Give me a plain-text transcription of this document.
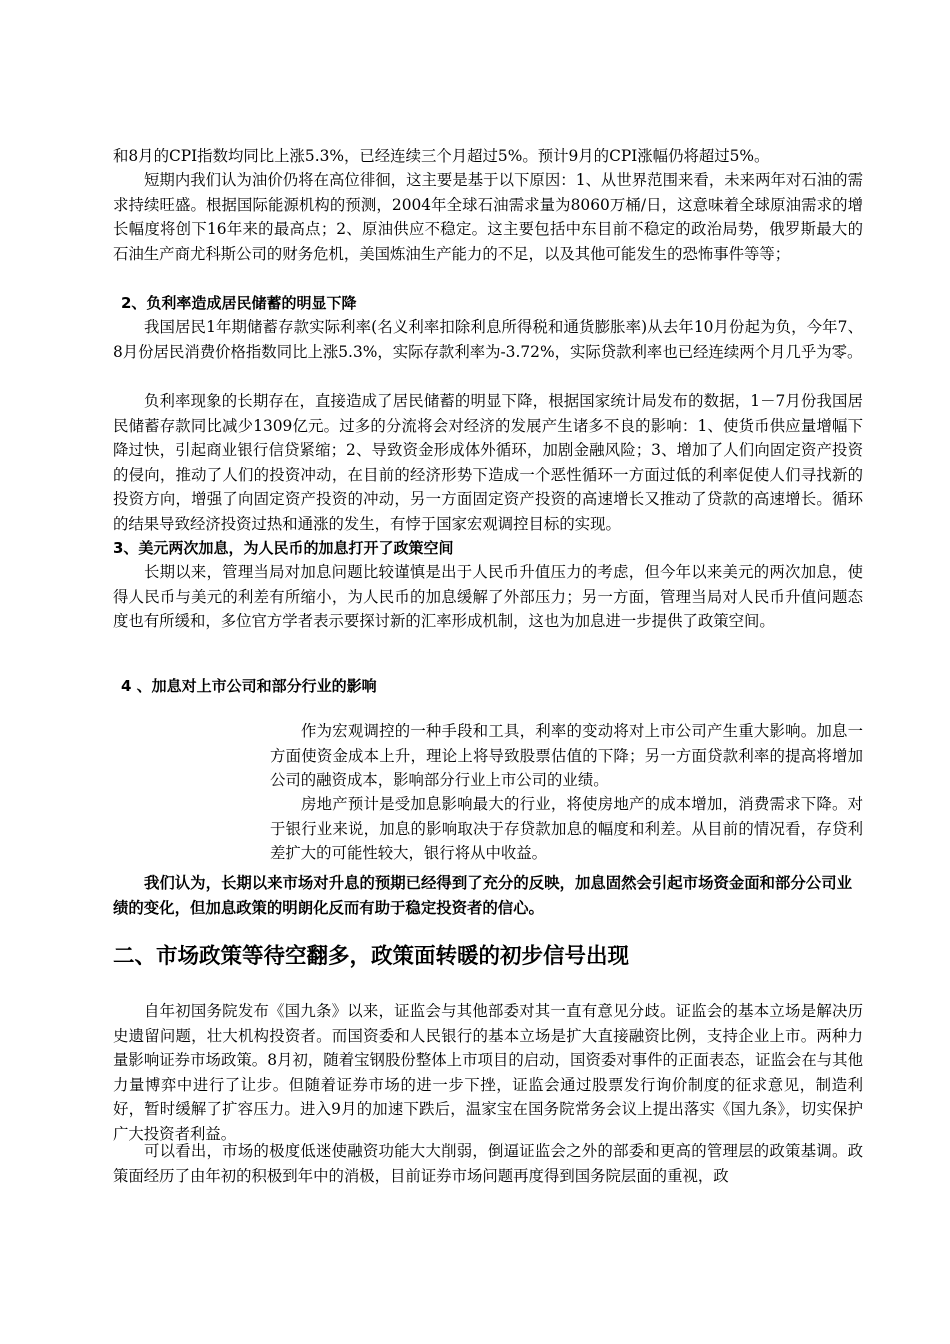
和8月的CPI指数均同比上涨5.3%，已经连续三个月超过5%。预计9月的CPI涨幅仍将超过5%。

短期内我们认为油价仍将在高位徘徊，这主要是基于以下原因：1、从世界范围来看，未来两年对石油的需求持续旺盛。根据国际能源机构的预测，2004年全球石油需求量为8060万桶/日，这意味着全球原油需求的增长幅度将创下16年来的最高点；2、原油供应不稳定。这主要包括中东目前不稳定的政治局势，俄罗斯最大的石油生产商尤科斯公司的财务危机，美国炼油生产能力的不足，以及其他可能发生的恐怖事件等等；

2、负利率造成居民储蓄的明显下降

我国居民1年期储蓄存款实际利率(名义利率扣除利息所得税和通货膨胀率)从去年10月份起为负，今年7、8月份居民消费价格指数同比上涨5.3%，实际存款利率为-3.72%，实际贷款利率也已经连续两个月几乎为零。

负利率现象的长期存在，直接造成了居民储蓄的明显下降，根据国家统计局发布的数据，1－7月份我国居民储蓄存款同比减少1309亿元。过多的分流将会对经济的发展产生诸多不良的影响：1、使货币供应量增幅下降过快，引起商业银行信贷紧缩；2、导致资金形成体外循环，加剧金融风险；3、增加了人们向固定资产投资的侵向，推动了人们的投资冲动，在目前的经济形势下造成一个恶性循环一方面过低的利率促使人们寻找新的投资方向，增强了向固定资产投资的冲动，另一方面固定资产投资的高速增长又推动了贷款的高速增长。循环的结果导致经济投资过热和通涨的发生，有悖于国家宏观调控目标的实现。

3、美元两次加息，为人民币的加息打开了政策空间

长期以来，管理当局对加息问题比较谨慎是出于人民币升值压力的考虑，但今年以来美元的两次加息，使得人民币与美元的利差有所缩小，为人民币的加息缓解了外部压力；另一方面，管理当局对人民币升值问题态度也有所缓和，多位官方学者表示要探讨新的汇率形成机制，这也为加息进一步提供了政策空间。

4 、加息对上市公司和部分行业的影响

作为宏观调控的一种手段和工具，利率的变动将对上市公司产生重大影响。加息一方面使资金成本上升，理论上将导致股票估值的下降；另一方面贷款利率的提高将增加公司的融资成本，影响部分行业上市公司的业绩。

房地产预计是受加息影响最大的行业，将使房地产的成本增加，消费需求下降。对于银行业来说，加息的影响取决于存贷款加息的幅度和利差。从目前的情况看，存贷利差扩大的可能性较大，银行将从中收益。

我们认为，长期以来市场对升息的预期已经得到了充分的反映，加息固然会引起市场资金面和部分公司业绩的变化，但加息政策的明朗化反而有助于稳定投资者的信心。

二、市场政策等待空翻多，政策面转暖的初步信号出现

自年初国务院发布《国九条》以来，证监会与其他部委对其一直有意见分歧。证监会的基本立场是解决历史遗留问题，壮大机构投资者。而国资委和人民银行的基本立场是扩大直接融资比例，支持企业上市。两种力量影响证券市场政策。8月初，随着宝钢股份整体上市项目的启动，国资委对事件的正面表态，证监会在与其他力量博弈中进行了让步。但随着证券市场的进一步下挫，证监会通过股票发行询价制度的征求意见，制造利好，暂时缓解了扩容压力。进入9月的加速下跌后，温家宝在国务院常务会议上提出落实《国九条》，切实保护广大投资者利益。

可以看出，市场的极度低迷使融资功能大大削弱，倒逼证监会之外的部委和更高的管理层的政策基调。政策面经历了由年初的积极到年中的消极，目前证券市场问题再度得到国务院层面的重视，政
